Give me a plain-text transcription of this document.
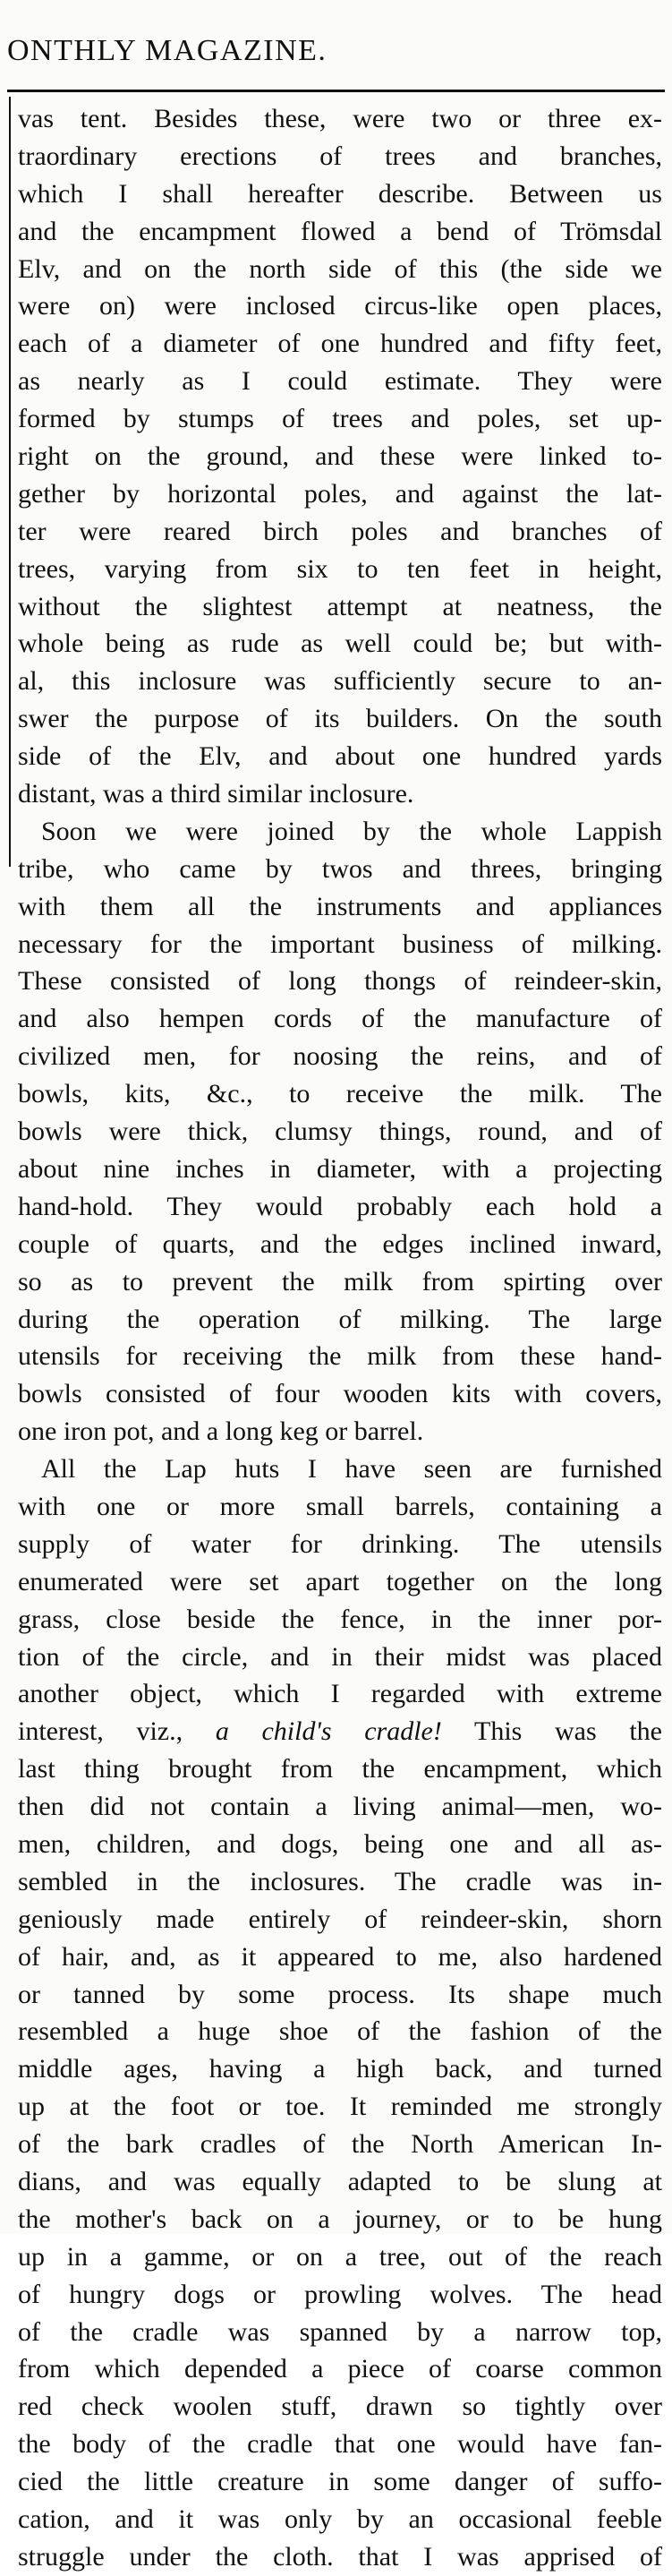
ONTHLY MAGAZINE.
vas tent. Besides these, were two or three ex-
traordinary erections of trees and branches,
which I shall hereafter describe. Between us
and the encampment flowed a bend of Trömsdal
Elv, and on the north side of this (the side we
were on) were inclosed circus-like open places,
each of a diameter of one hundred and fifty feet,
as nearly as I could estimate. They were
formed by stumps of trees and poles, set up-
right on the ground, and these were linked to-
gether by horizontal poles, and against the lat-
ter were reared birch poles and branches of
trees, varying from six to ten feet in height,
without the slightest attempt at neatness, the
whole being as rude as well could be; but with-
al, this inclosure was sufficiently secure to an-
swer the purpose of its builders. On the south
side of the Elv, and about one hundred yards
distant, was a third similar inclosure.
Soon we were joined by the whole Lappish
tribe, who came by twos and threes, bringing
with them all the instruments and appliances
necessary for the important business of milking.
These consisted of long thongs of reindeer-skin,
and also hempen cords of the manufacture of
civilized men, for noosing the reins, and of
bowls, kits, &c., to receive the milk. The
bowls were thick, clumsy things, round, and of
about nine inches in diameter, with a projecting
hand-hold. They would probably each hold a
couple of quarts, and the edges inclined inward,
so as to prevent the milk from spirting over
during the operation of milking. The large
utensils for receiving the milk from these hand-
bowls consisted of four wooden kits with covers,
one iron pot, and a long keg or barrel.
All the Lap huts I have seen are furnished
with one or more small barrels, containing a
supply of water for drinking. The utensils
enumerated were set apart together on the long
grass, close beside the fence, in the inner por-
tion of the circle, and in their midst was placed
another object, which I regarded with extreme
interest, viz., a child's cradle! This was the
last thing brought from the encampment, which
then did not contain a living animal—men, wo-
men, children, and dogs, being one and all as-
sembled in the inclosures. The cradle was in-
geniously made entirely of reindeer-skin, shorn
of hair, and, as it appeared to me, also hardened
or tanned by some process. Its shape much
resembled a huge shoe of the fashion of the
middle ages, having a high back, and turned
up at the foot or toe. It reminded me strongly
of the bark cradles of the North American In-
dians, and was equally adapted to be slung at
the mother's back on a journey, or to be hung
up in a gamme, or on a tree, out of the reach
of hungry dogs or prowling wolves. The head
of the cradle was spanned by a narrow top,
from which depended a piece of coarse common
red check woolen stuff, drawn so tightly over
the body of the cradle that one would have fan-
cied the little creature in some danger of suffo-
cation, and it was only by an occasional feeble
struggle under the cloth. that I was apprised of
